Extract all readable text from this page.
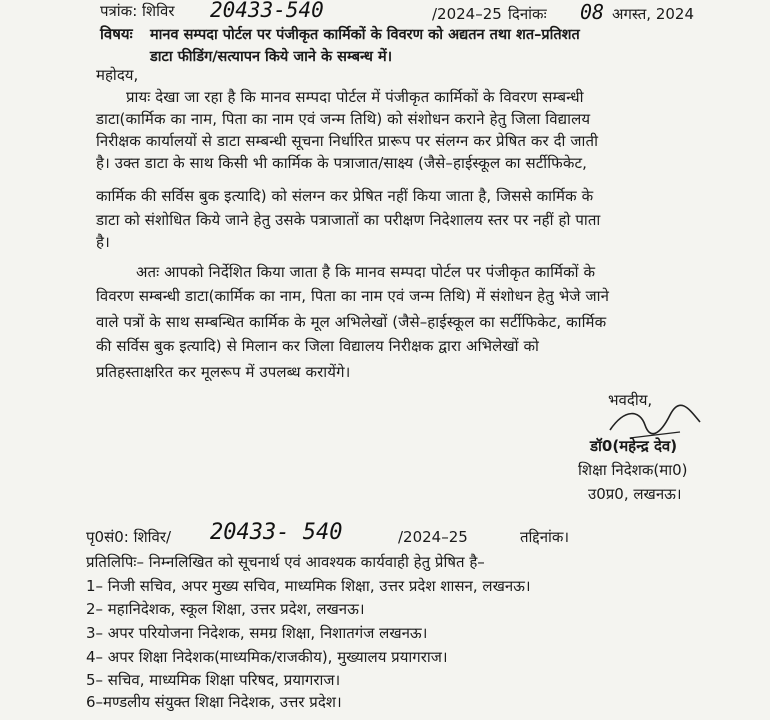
पत्रांक: शिविर 20433-540	/2024–25 दिनांकः 08 अगस्त, 2024
विषयः मानव सम्पदा पोर्टल पर पंजीकृत कार्मिकों के विवरण को अद्यतन तथा शत–प्रतिशत
डाटा फीडिंग/सत्यापन किये जाने के सम्बन्ध में।
महोदय,
प्रायः देखा जा रहा है कि मानव सम्पदा पोर्टल में पंजीकृत कार्मिकों के विवरण सम्बन्धी
डाटा(कार्मिक का नाम, पिता का नाम एवं जन्म तिथि) को संशोधन कराने हेतु जिला विद्यालय
निरीक्षक कार्यालयों से डाटा सम्बन्धी सूचना निर्धारित प्रारूप पर संलग्न कर प्रेषित कर दी जाती
है। उक्त डाटा के साथ किसी भी कार्मिक के पत्राजात/साक्ष्य (जैसे–हाईस्कूल का सर्टीफिकेट,
कार्मिक की सर्विस बुक इत्यादि) को संलग्न कर प्रेषित नहीं किया जाता है, जिससे कार्मिक के
डाटा को संशोधित किये जाने हेतु उसके पत्राजातों का परीक्षण निदेशालय स्तर पर नहीं हो पाता
है।
अतः आपको निर्देशित किया जाता है कि मानव सम्पदा पोर्टल पर पंजीकृत कार्मिकों के
विवरण सम्बन्धी डाटा(कार्मिक का नाम, पिता का नाम एवं जन्म तिथि) में संशोधन हेतु भेजे जाने
वाले पत्रों के साथ सम्बन्धित कार्मिक के मूल अभिलेखों (जैसे–हाईस्कूल का सर्टीफिकेट, कार्मिक
की सर्विस बुक इत्यादि) से मिलान कर जिला विद्यालय निरीक्षक द्वारा अभिलेखों को
प्रतिहस्ताक्षरित कर मूलरूप में उपलब्ध करायेंगे।
भवदीय,
डॉ0(महेन्द्र देव)
शिक्षा निदेशक(मा0)
उ0प्र0, लखनऊ।
पृ0सं0: शिविर/ 20433- 540	/2024–25	तद्दिनांक।
प्रतिलिपिः– निम्नलिखित को सूचनार्थ एवं आवश्यक कार्यवाही हेतु प्रेषित है–
1– निजी सचिव, अपर मुख्य सचिव, माध्यमिक शिक्षा, उत्तर प्रदेश शासन, लखनऊ।
2– महानिदेशक, स्कूल शिक्षा, उत्तर प्रदेश, लखनऊ।
3– अपर परियोजना निदेशक, समग्र शिक्षा, निशातगंज लखनऊ।
4– अपर शिक्षा निदेशक(माध्यमिक/राजकीय), मुख्यालय प्रयागराज।
5– सचिव, माध्यमिक शिक्षा परिषद, प्रयागराज।
6–मण्डलीय संयुक्त शिक्षा निदेशक, उत्तर प्रदेश।
